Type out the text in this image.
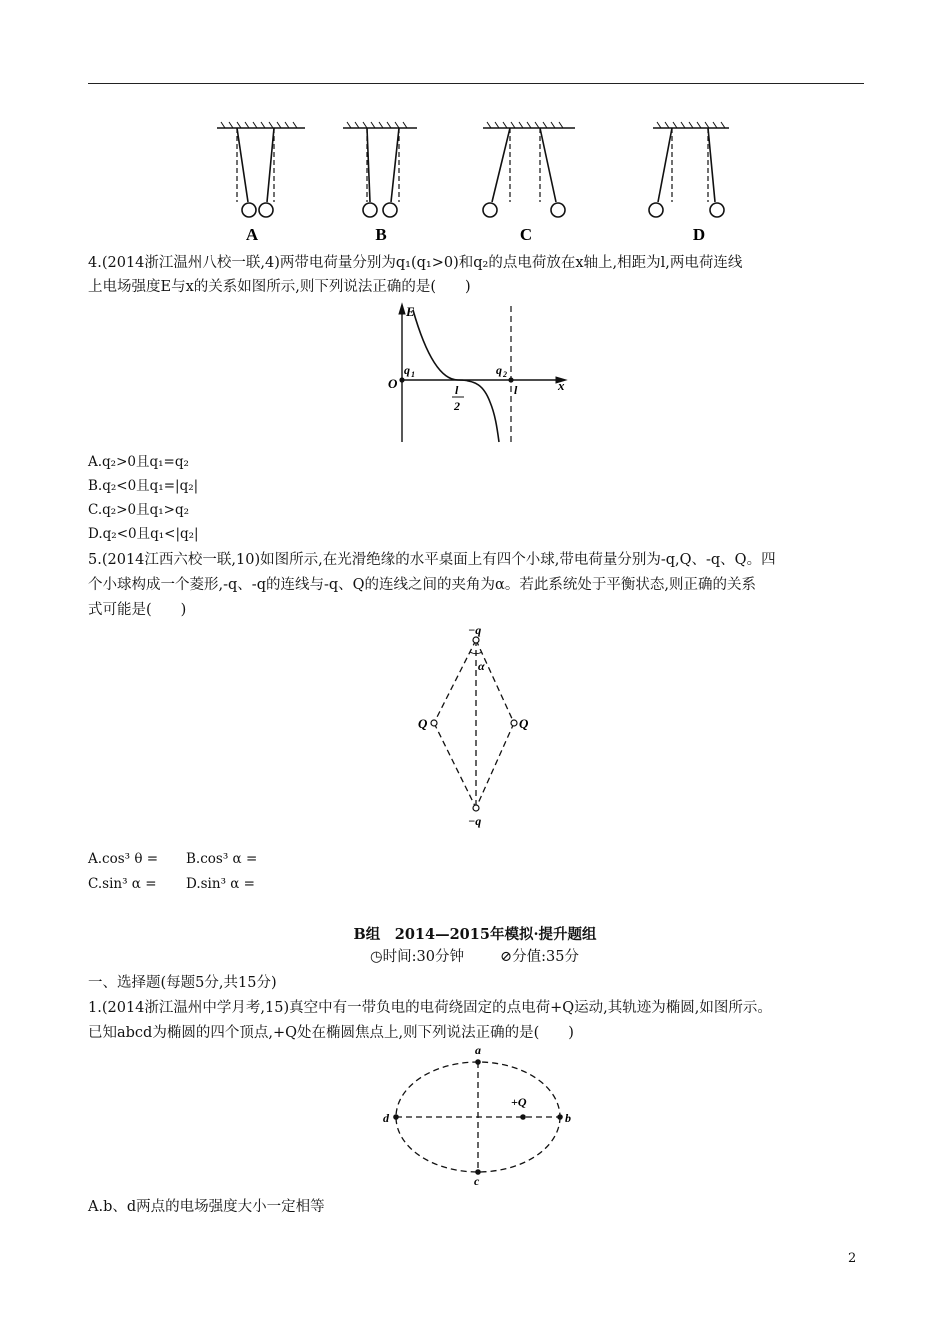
A	B	C	D
4.(2014浙江温州八校一联,4)两带电荷量分别为q₁(q₁>0)和q₂的点电荷放在x轴上,相距为l,两电荷连线
上电场强度E与x的关系如图所示,则下列说法正确的是(　　)
E
x
O
q 1	q 2
l
2
l
A.q₂>0且q₁=q₂
B.q₂<0且q₁=|q₂|
C.q₂>0且q₁>q₂
D.q₂<0且q₁<|q₂|
5.(2014江西六校一联,10)如图所示,在光滑绝缘的水平桌面上有四个小球,带电荷量分别为-q,Q、-q、Q。四
个小球构成一个菱形,-q、-q的连线与-q、Q的连线之间的夹角为α。若此系统处于平衡状态,则正确的关系
式可能是(　　)
−q
−q
Q	Q
α
A.cos³ θ = B.cos³ α =
C.sin³ α = D.sin³ α =
B组　2014—2015年模拟·提升题组
◷时间:30分钟 ⊘分值:35分
一、选择题(每题5分,共15分)
1.(2014浙江温州中学月考,15)真空中有一带负电的电荷绕固定的点电荷+Q运动,其轨迹为椭圆,如图所示。
已知abcd为椭圆的四个顶点,+Q处在椭圆焦点上,则下列说法正确的是(　　)
a
b
c
d
+Q
A.b、d两点的电场强度大小一定相等
2
